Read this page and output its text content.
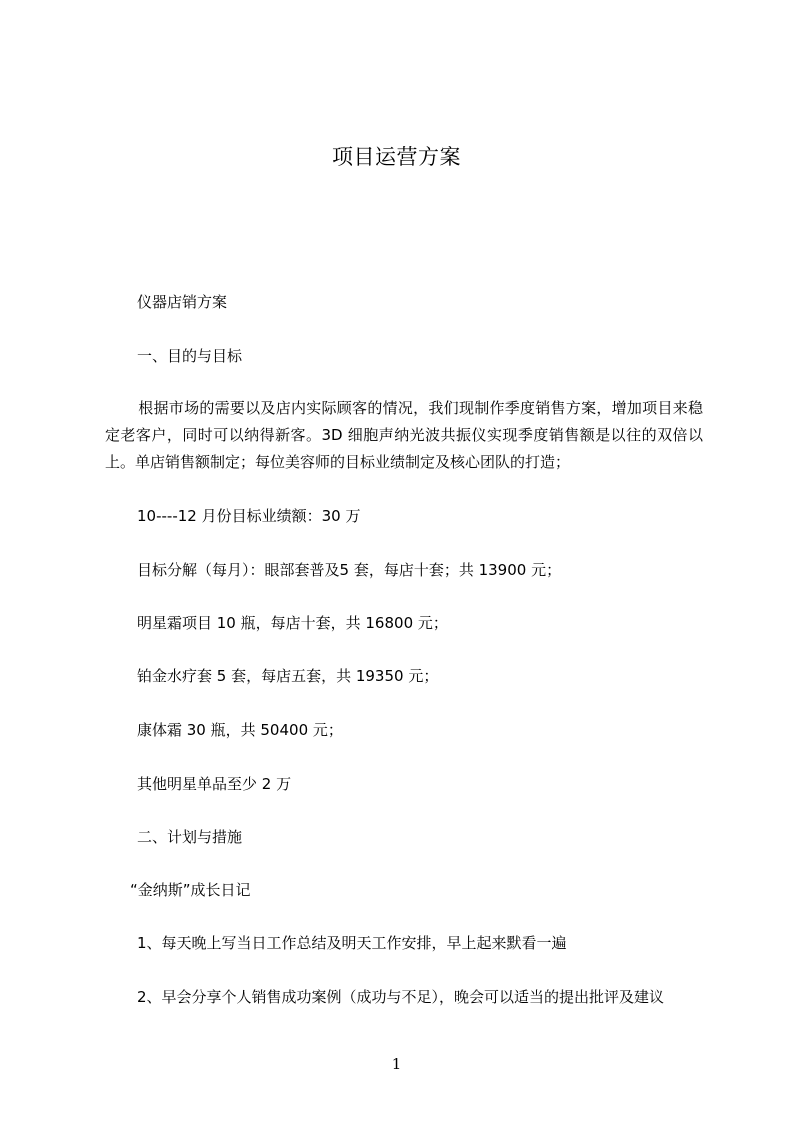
项目运营方案
仪器店销方案
一、目的与目标
根据市场的需要以及店内实际顾客的情况，我们现制作季度销售方案，增加项目来稳定老客户，同时可以纳得新客。3D 细胞声纳光波共振仪实现季度销售额是以往的双倍以上。单店销售额制定；每位美容师的目标业绩制定及核心团队的打造；
10----12 月份目标业绩额：30 万
目标分解（每月）：眼部套普及5 套，每店十套；共 13900 元；
明星霜项目 10 瓶，每店十套，共 16800 元；
铂金水疗套 5 套，每店五套，共 19350 元；
康体霜 30 瓶，共 50400 元；
其他明星单品至少 2 万
二、计划与措施
“金纳斯”成长日记
1、每天晚上写当日工作总结及明天工作安排，早上起来默看一遍
2、早会分享个人销售成功案例（成功与不足），晚会可以适当的提出批评及建议
1
